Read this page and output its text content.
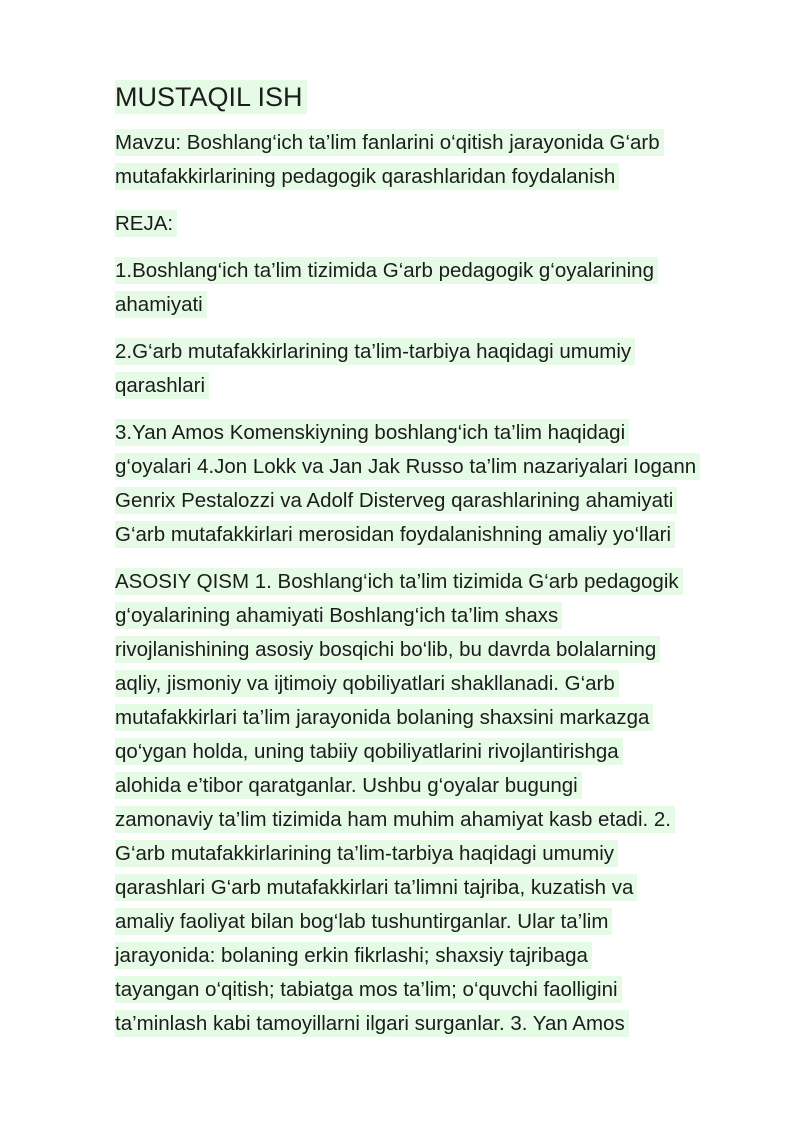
MUSTAQIL ISH
Mavzu: Boshlang‘ich ta’lim fanlarini o‘qitish jarayonida G‘arb
mutafakkirlarining pedagogik qarashlaridan foydalanish
REJA:
1.Boshlang‘ich ta’lim tizimida G‘arb pedagogik g‘oyalarining
ahamiyati
2.G‘arb mutafakkirlarining ta’lim-tarbiya haqidagi umumiy
qarashlari
3.Yan Amos Komenskiyning boshlang‘ich ta’lim haqidagi
g‘oyalari 4.Jon Lokk va Jan Jak Russo ta’lim nazariyalari Iogann
Genrix Pestalozzi va Adolf Disterveg qarashlarining ahamiyati
G‘arb mutafakkirlari merosidan foydalanishning amaliy yo‘llari
ASOSIY QISM 1. Boshlang‘ich ta’lim tizimida G‘arb pedagogik
g‘oyalarining ahamiyati Boshlang‘ich ta’lim shaxs
rivojlanishining asosiy bosqichi bo‘lib, bu davrda bolalarning
aqliy, jismoniy va ijtimoiy qobiliyatlari shakllanadi. G‘arb
mutafakkirlari ta’lim jarayonida bolaning shaxsini markazga
qo‘ygan holda, uning tabiiy qobiliyatlarini rivojlantirishga
alohida e’tibor qaratganlar. Ushbu g‘oyalar bugungi
zamonaviy ta’lim tizimida ham muhim ahamiyat kasb etadi. 2.
G‘arb mutafakkirlarining ta’lim-tarbiya haqidagi umumiy
qarashlari G‘arb mutafakkirlari ta’limni tajriba, kuzatish va
amaliy faoliyat bilan bog‘lab tushuntirganlar. Ular ta’lim
jarayonida: bolaning erkin fikrlashi; shaxsiy tajribaga
tayangan o‘qitish; tabiatga mos ta’lim; o‘quvchi faolligini
ta’minlash kabi tamoyillarni ilgari surganlar. 3. Yan Amos
